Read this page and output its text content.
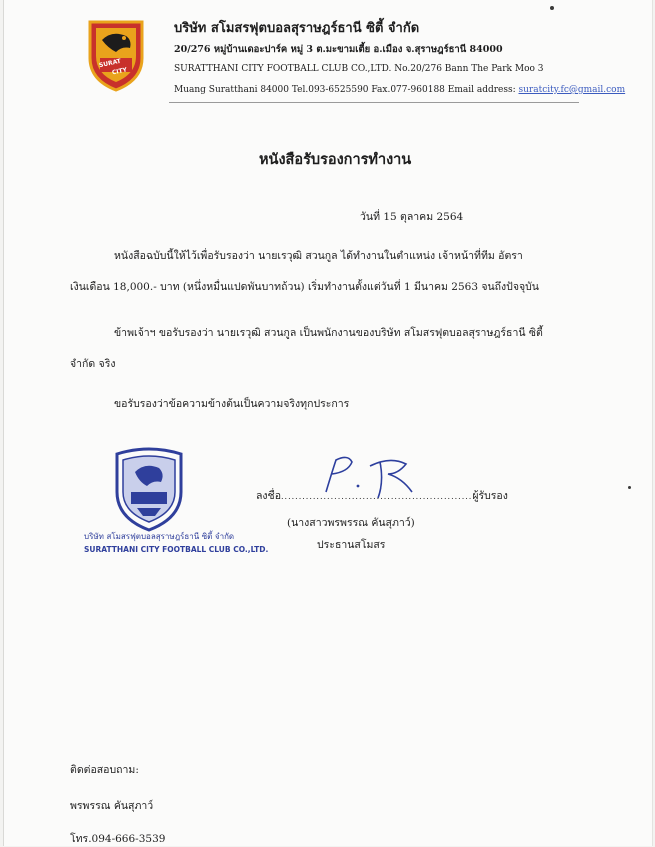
SURAT
CITY
บริษัท สโมสรฟุตบอลสุราษฎร์ธานี ซิตี้ จำกัด
20/276 หมู่บ้านเดอะปาร์ค หมู่ 3 ต.มะขามเตี้ย อ.เมือง จ.สุราษฎร์ธานี 84000
SURATTHANI CITY FOOTBALL CLUB CO.,LTD. No.20/276 Bann The Park Moo 3
Muang Suratthani 84000 Tel.093-6525590 Fax.077-960188 Email address: suratcity.fc@gmail.com
หนังสือรับรองการทำงาน
วันที่ 15 ตุลาคม 2564
หนังสือฉบับนี้ให้ไว้เพื่อรับรองว่า นายเรวุฒิ สวนกูล ได้ทำงานในตำแหน่ง เจ้าหน้าที่ทีม อัตรา
เงินเดือน 18,000.- บาท (หนึ่งหมื่นแปดพันบาทถ้วน) เริ่มทำงานตั้งแต่วันที่ 1 มีนาคม 2563 จนถึงปัจจุบัน
ข้าพเจ้าฯ ขอรับรองว่า นายเรวุฒิ สวนกูล เป็นพนักงานของบริษัท สโมสรฟุตบอลสุราษฎร์ธานี ซิตี้
จำกัด จริง
ขอรับรองว่าข้อความข้างต้นเป็นความจริงทุกประการ
บริษัท สโมสรฟุตบอลสุราษฎร์ธานี ซิตี้ จำกัด
SURATTHANI CITY FOOTBALL CLUB CO.,LTD.
ลงชื่อ......................................................ผู้รับรอง
(นางสาวพรพรรณ คันสุภาว์)
ประธานสโมสร
ติดต่อสอบถาม:
พรพรรณ คันสุภาว์
โทร.094-666-3539
